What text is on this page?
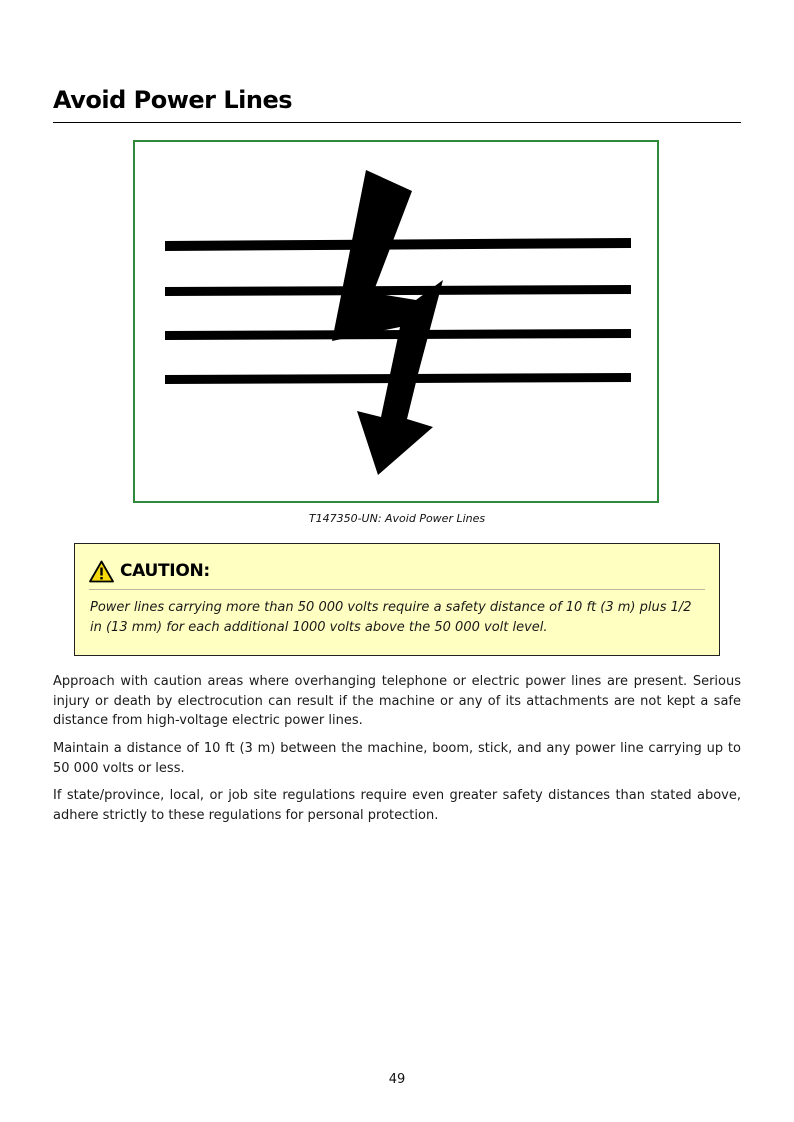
Avoid Power Lines
T147350-UN: Avoid Power Lines
CAUTION:
Power lines carrying more than 50 000 volts require a safety distance of 10 ft (3 m) plus 1/2 in (13 mm) for each additional 1000 volts above the 50 000 volt level.

Approach with caution areas where overhanging telephone or electric power lines are present. Serious injury or death by electrocution can result if the machine or any of its attachments are not kept a safe distance from high-voltage electric power lines.

Maintain a distance of 10 ft (3 m) between the machine, boom, stick, and any power line carrying up to 50 000 volts or less.

If state/province, local, or job site regulations require even greater safety distances than stated above, adhere strictly to these regulations for personal protection.

49
